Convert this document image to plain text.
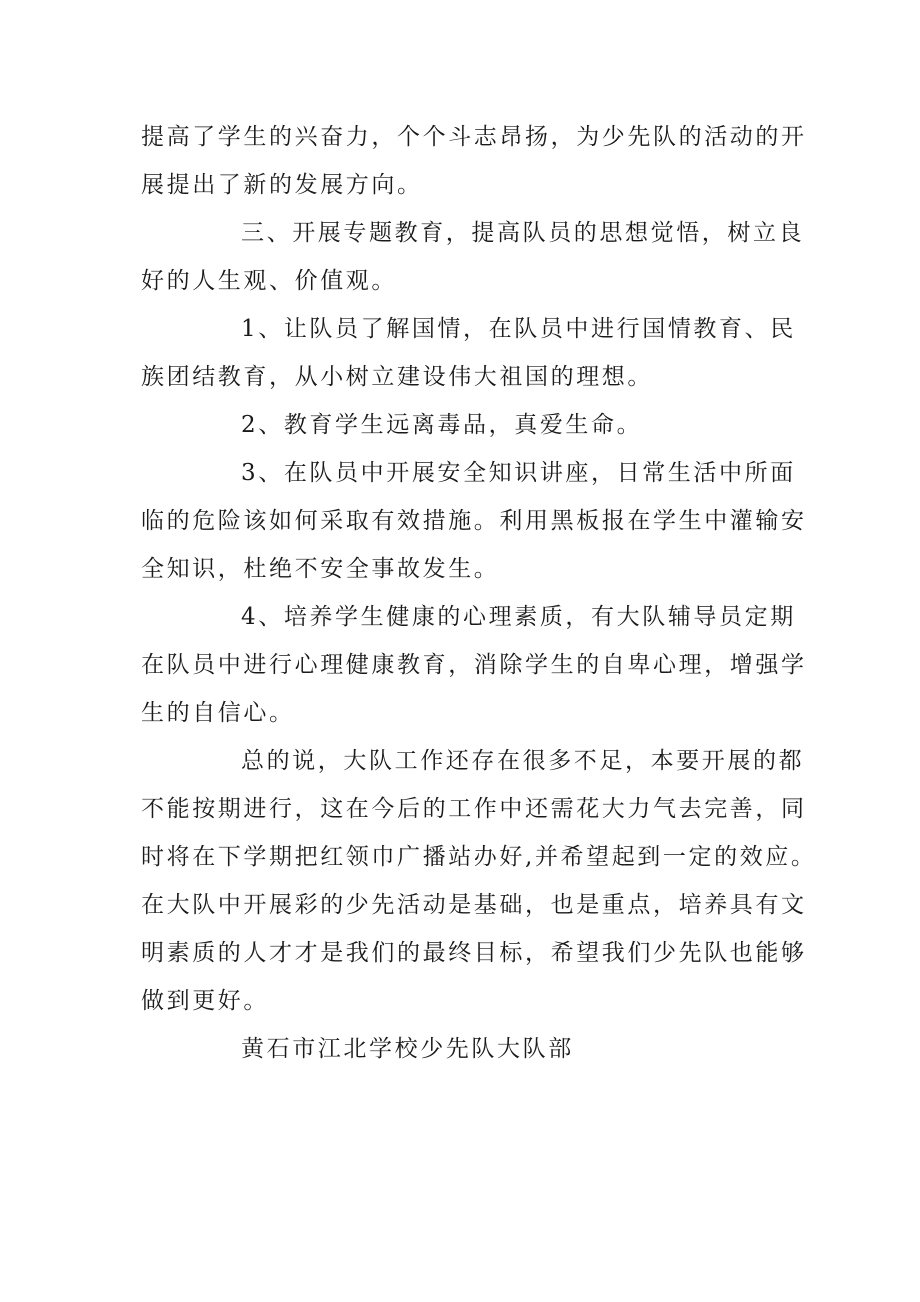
提高了学生的兴奋力，个个斗志昂扬，为少先队的活动的开
展提出了新的发展方向。
三、开展专题教育，提高队员的思想觉悟，树立良
好的人生观、价值观。
1、让队员了解国情，在队员中进行国情教育、民
族团结教育，从小树立建设伟大祖国的理想。
2、教育学生远离毒品，真爱生命。
3、在队员中开展安全知识讲座，日常生活中所面
临的危险该如何采取有效措施。利用黑板报在学生中灌输安
全知识，杜绝不安全事故发生。
4、培养学生健康的心理素质，有大队辅导员定期
在队员中进行心理健康教育，消除学生的自卑心理，增强学
生的自信心。
总的说，大队工作还存在很多不足，本要开展的都
不能按期进行，这在今后的工作中还需花大力气去完善，同
时将在下学期把红领巾广播站办好,并希望起到一定的效应。
在大队中开展彩的少先活动是基础，也是重点，培养具有文
明素质的人才才是我们的最终目标，希望我们少先队也能够
做到更好。
黄石市江北学校少先队大队部
